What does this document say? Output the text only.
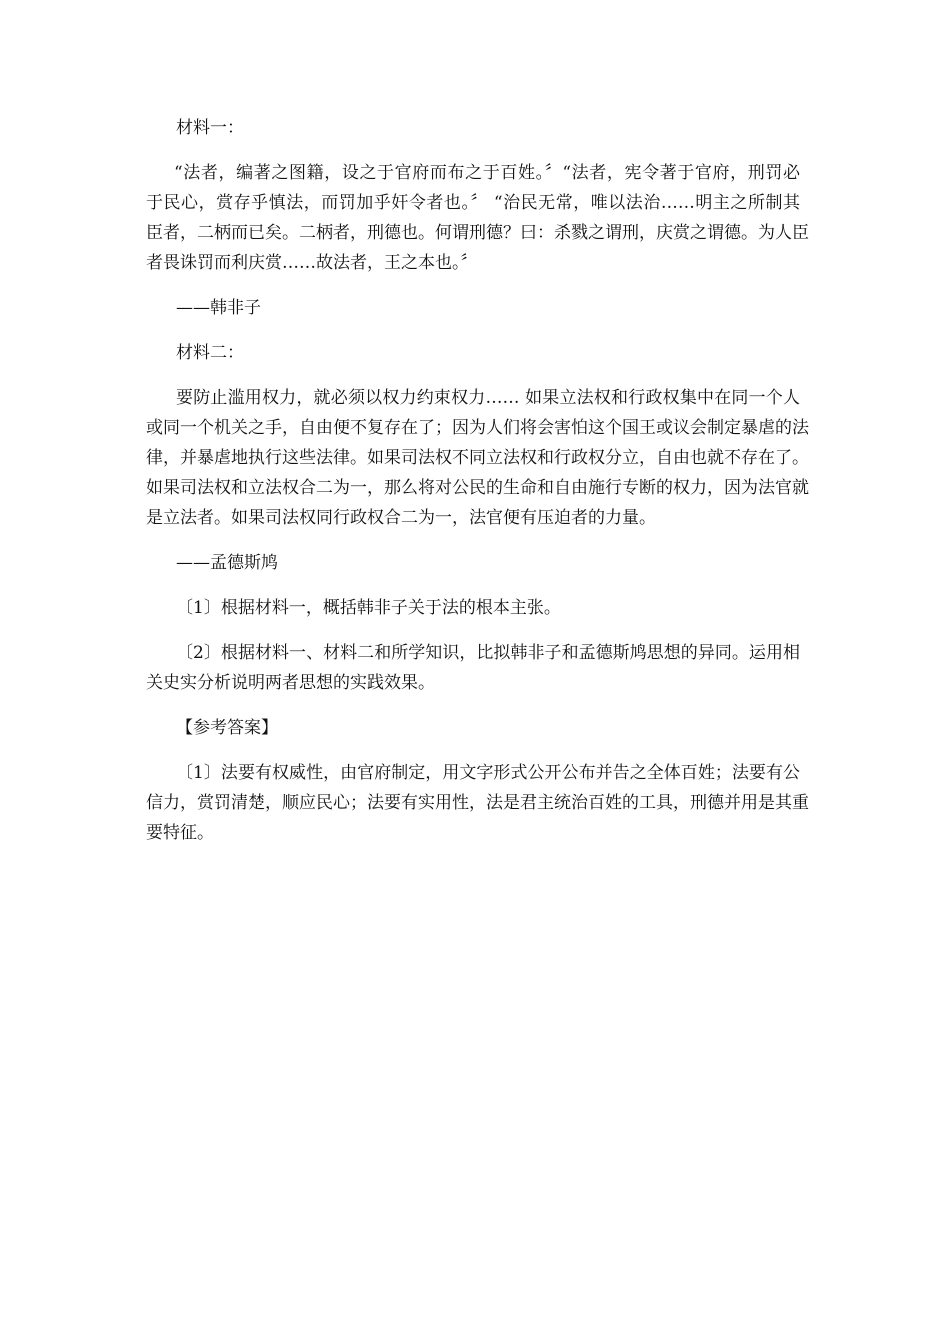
材料一：

“法者，编著之图籍，设之于官府而布之于百姓。〞“法者，宪令著于官府，刑罚必
于民心，赏存乎慎法，而罚加乎奸令者也。〞 “治民无常，唯以法治……明主之所制其
臣者，二柄而已矣。二柄者，刑德也。何谓刑德？曰：杀戮之谓刑，庆赏之谓德。为人臣
者畏诛罚而利庆赏……故法者，王之本也。〞

——韩非子

材料二：

要防止滥用权力，就必须以权力约束权力…… 如果立法权和行政权集中在同一个人
或同一个机关之手，自由便不复存在了；因为人们将会害怕这个国王或议会制定暴虐的法
律，并暴虐地执行这些法律。如果司法权不同立法权和行政权分立，自由也就不存在了。
如果司法权和立法权合二为一，那么将对公民的生命和自由施行专断的权力，因为法官就
是立法者。如果司法权同行政权合二为一，法官便有压迫者的力量。

——孟德斯鸠

〔1〕根据材料一，概括韩非子关于法的根本主张。

〔2〕根据材料一、材料二和所学知识，比拟韩非子和孟德斯鸠思想的异同。运用相
关史实分析说明两者思想的实践效果。

【参考答案】

〔1〕法要有权威性，由官府制定，用文字形式公开公布并告之全体百姓；法要有公
信力，赏罚清楚，顺应民心；法要有实用性，法是君主统治百姓的工具，刑德并用是其重
要特征。
